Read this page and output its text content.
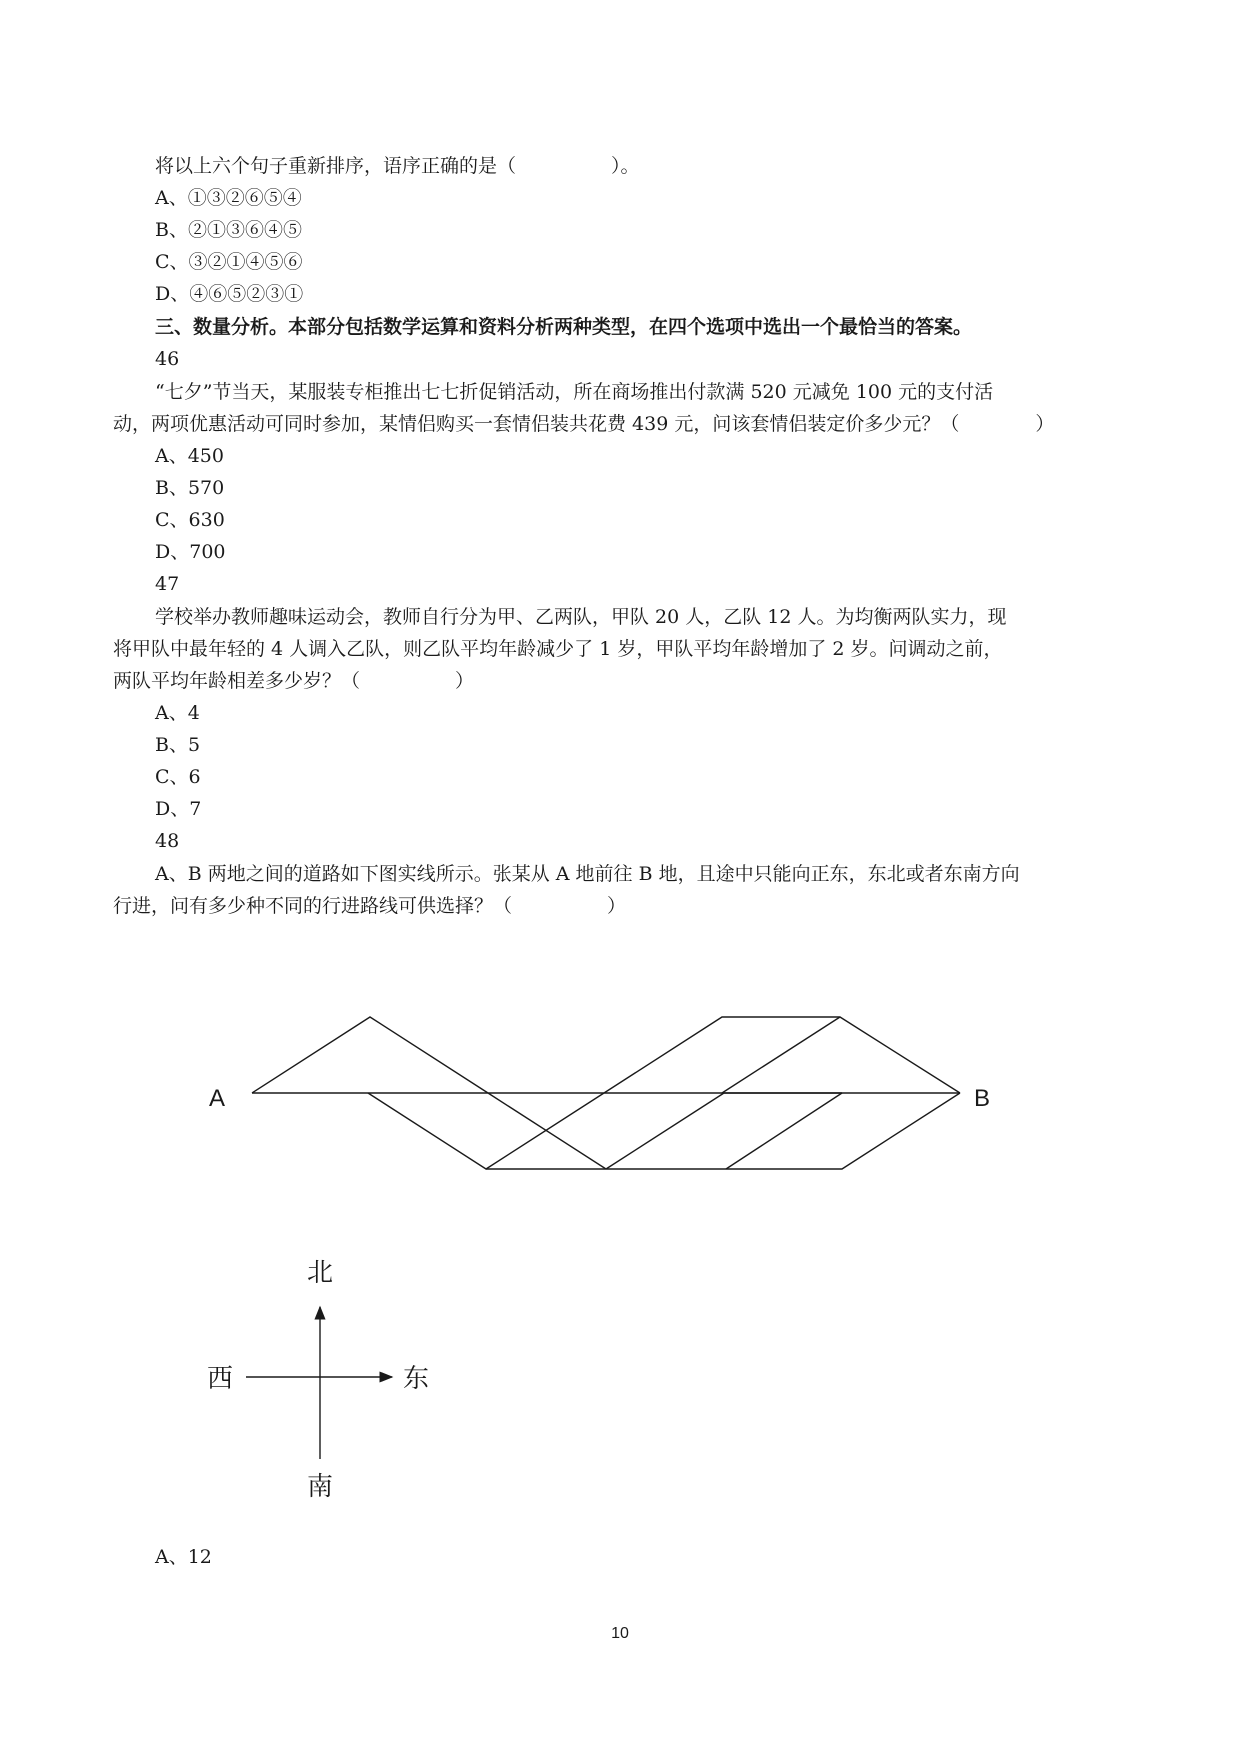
将以上六个句子重新排序，语序正确的是（　　　　　）。
A、①③②⑥⑤④
B、②①③⑥④⑤
C、③②①④⑤⑥
D、④⑥⑤②③①
三、数量分析。本部分包括数学运算和资料分析两种类型，在四个选项中选出一个最恰当的答案。
46
“七夕”节当天，某服装专柜推出七七折促销活动，所在商场推出付款满 520 元减免 100 元的支付活
动，两项优惠活动可同时参加，某情侣购买一套情侣装共花费 439 元，问该套情侣装定价多少元？（　　　　）
A、450
B、570
C、630
D、700
47
学校举办教师趣味运动会，教师自行分为甲、乙两队，甲队 20 人，乙队 12 人。为均衡两队实力，现
将甲队中最年轻的 4 人调入乙队，则乙队平均年龄减少了 1 岁，甲队平均年龄增加了 2 岁。问调动之前，
两队平均年龄相差多少岁？（　　　　　）
A、4
B、5
C、6
D、7
48
A、B 两地之间的道路如下图实线所示。张某从 A 地前往 B 地，且途中只能向正东，东北或者东南方向
行进，问有多少种不同的行进路线可供选择？（　　　　　）
A	B
北
南
东
西
A、12
10
